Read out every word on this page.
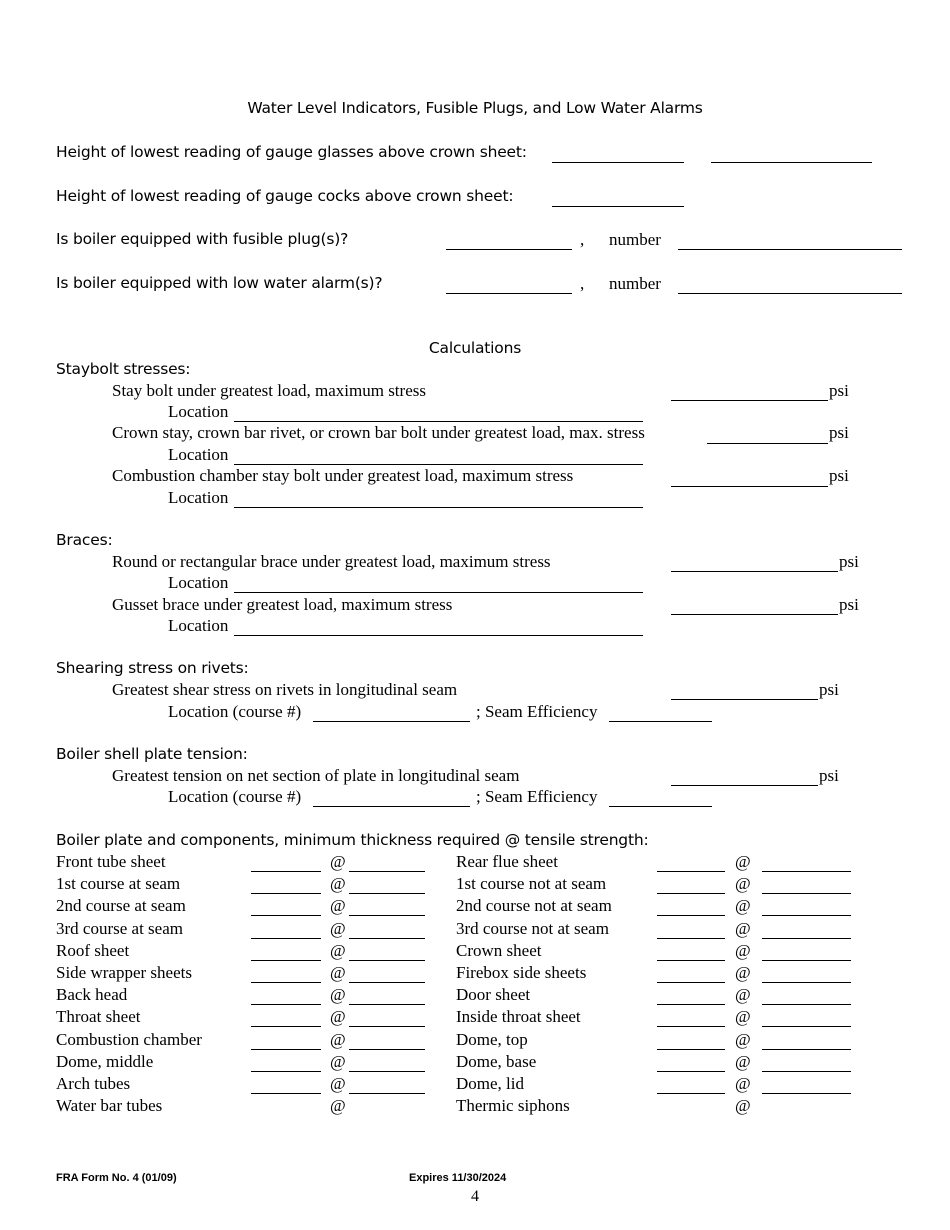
Water Level Indicators, Fusible Plugs, and Low Water Alarms
Height of lowest reading of gauge glasses above crown sheet:
Height of lowest reading of gauge cocks above crown sheet:
Is boiler equipped with fusible plug(s)?	, number
Is boiler equipped with low water alarm(s)?	, number
Calculations
Staybolt stresses:
Stay bolt under greatest load, maximum stress	psi
Location
Crown stay, crown bar rivet, or crown bar bolt under greatest load, max. stress	psi
Location
Combustion chamber stay bolt under greatest load, maximum stress	psi
Location
Braces:
Round or rectangular brace under greatest load, maximum stress	psi
Location
Gusset brace under greatest load, maximum stress	psi
Location
Shearing stress on rivets:
Greatest shear stress on rivets in longitudinal seam	psi
Location (course #)	; Seam Efficiency
Boiler shell plate tension:
Greatest tension on net section of plate in longitudinal seam	psi
Location (course #)	; Seam Efficiency
Boiler plate and components, minimum thickness required @ tensile strength:
Front tube sheet	@	Rear flue sheet	@
1st course at seam	@	1st course not at seam	@
2nd course at seam	@	2nd course not at seam	@
3rd course at seam	@	3rd course not at seam	@
Roof sheet	@	Crown sheet	@
Side wrapper sheets	@	Firebox side sheets	@
Back head	@	Door sheet	@
Throat sheet	@	Inside throat sheet	@
Combustion chamber	@	Dome, top	@
Dome, middle	@	Dome, base	@
Arch tubes	@	Dome, lid	@
Water bar tubes	@	Thermic siphons	@
FRA Form No. 4 (01/09)	Expires 11/30/2024
4
